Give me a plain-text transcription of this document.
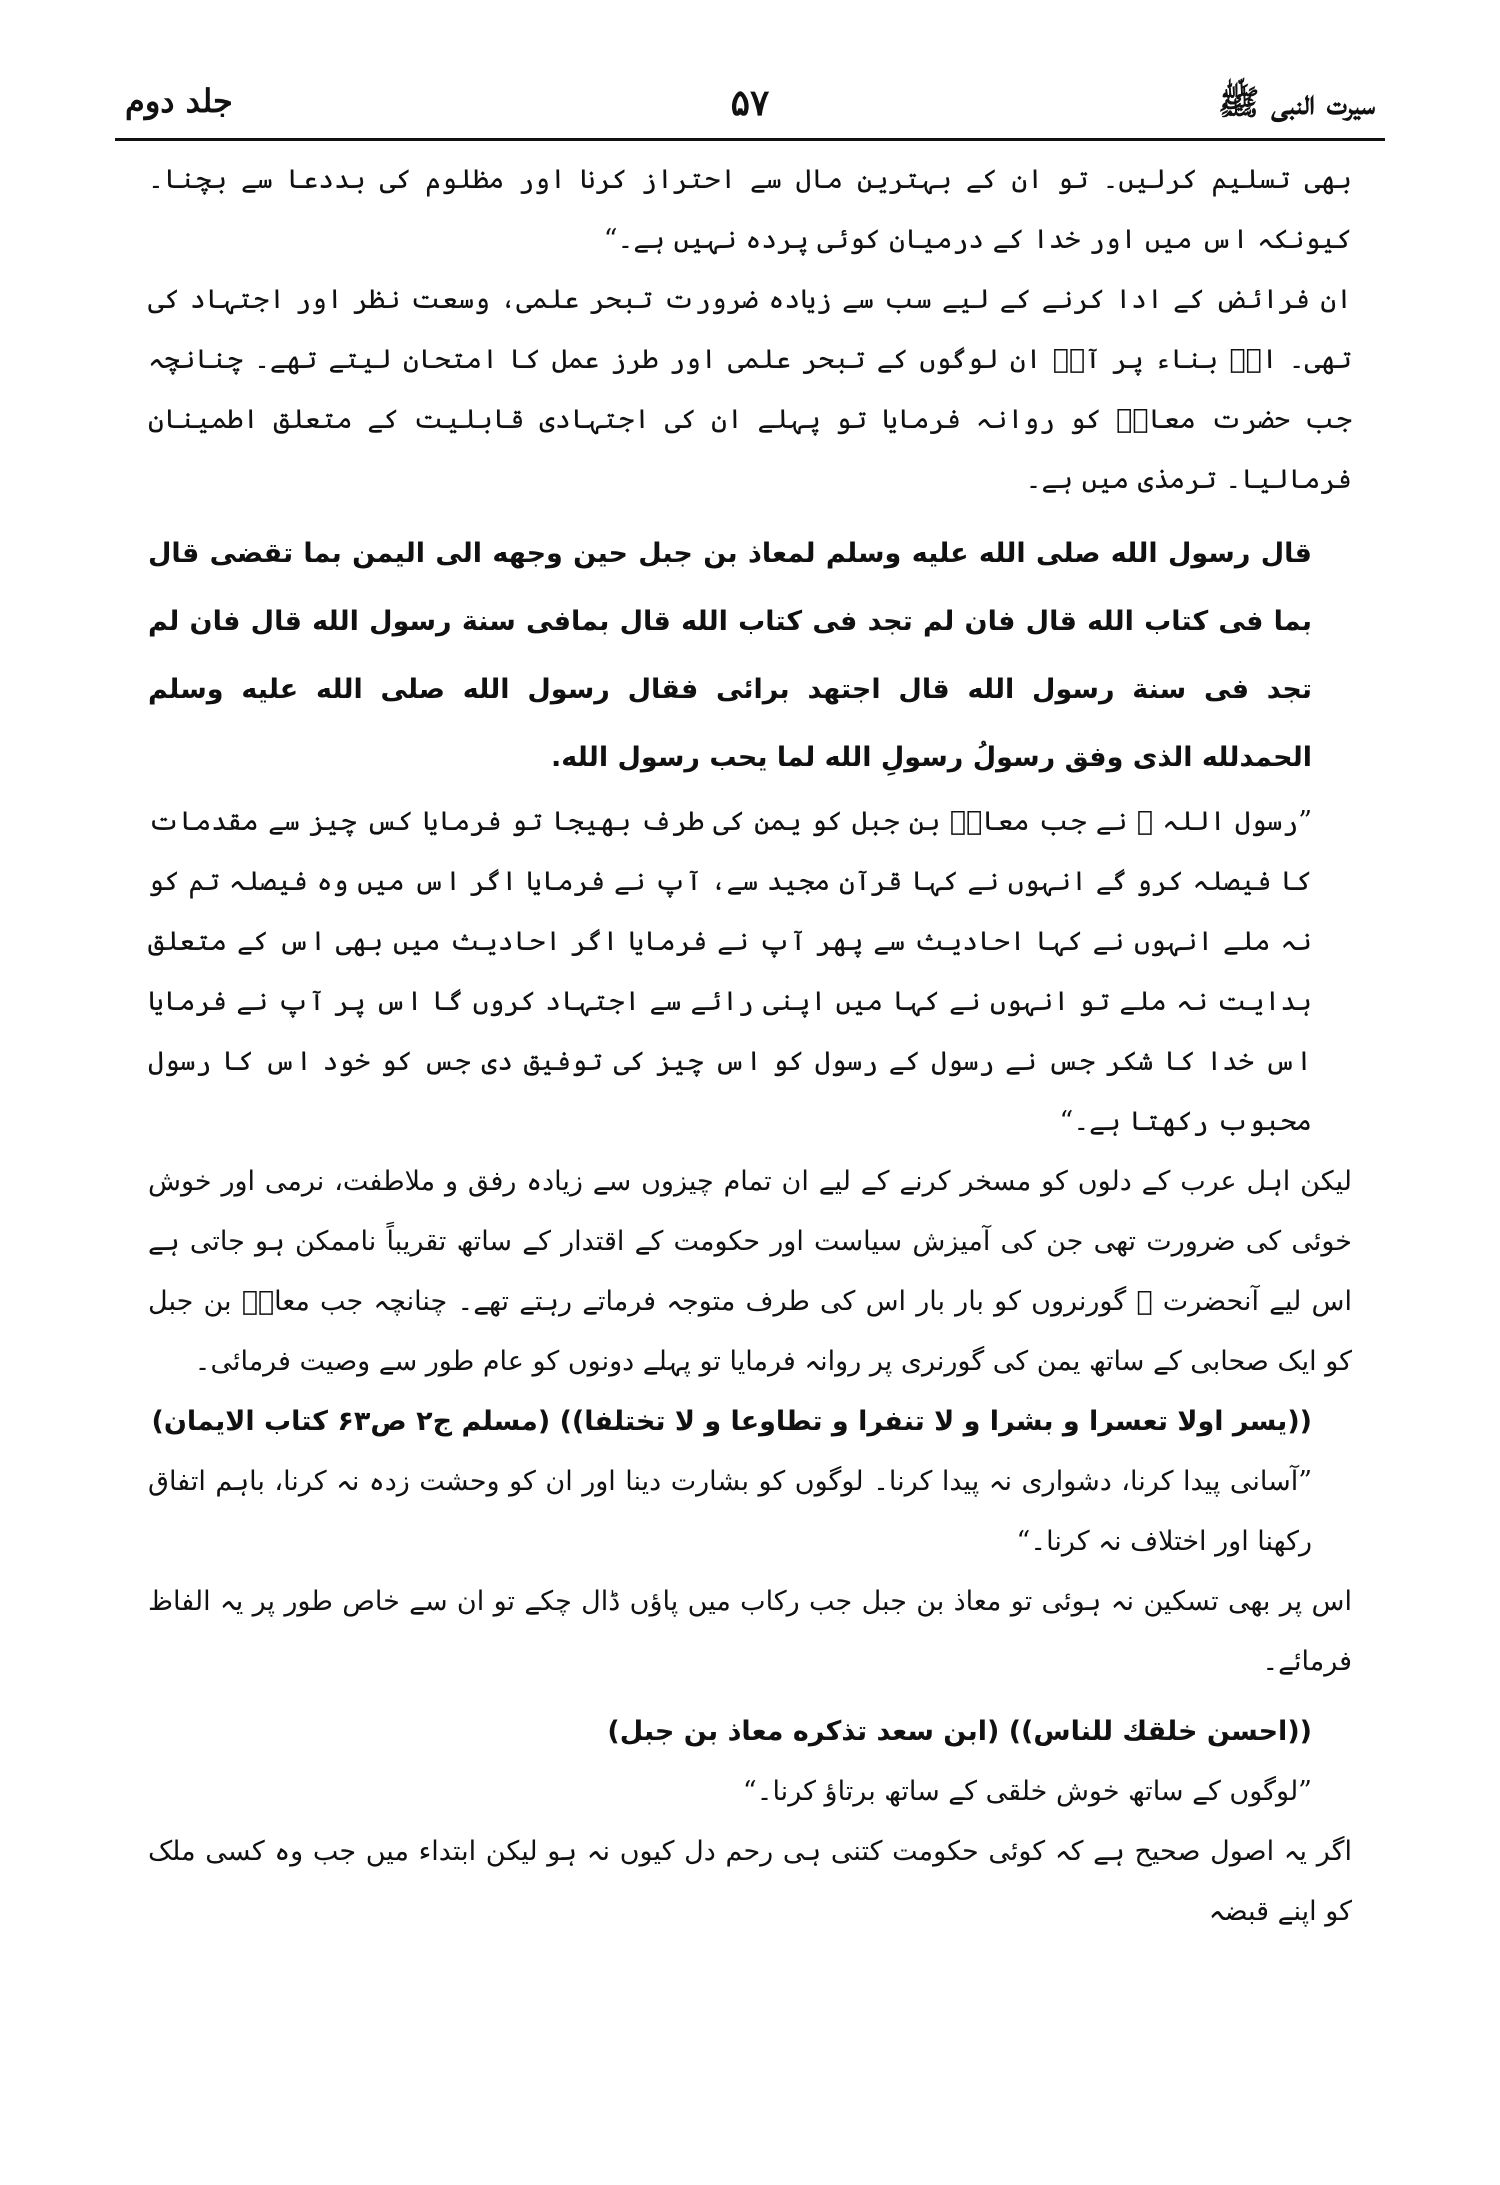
سیرت النبی ﷺ
۵۷
جلد دوم

بھی تسلیم کرلیں۔ تو ان کے بہترین مال سے احتراز کرنا اور مظلوم کی بددعا سے بچنا۔ کیونکہ اس میں اور خدا کے درمیان کوئی پردہ نہیں ہے۔“

ان فرائض کے ادا کرنے کے لیے سب سے زیادہ ضرورت تبحر علمی، وسعت نظر اور اجتہاد کی تھی۔ اسؐ بناء پر آپؐ ان لوگوں کے تبحر علمی اور طرز عمل کا امتحان لیتے تھے۔ چنانچہ جب حضرت معاذؓ کو روانہ فرمایا تو پہلے ان کی اجتہادی قابلیت کے متعلق اطمینان فرمالیا۔ ترمذی میں ہے۔

قال رسول الله صلى الله عليه وسلم لمعاذ بن جبل حين وجهه الى اليمن بما تقضى قال بما فى كتاب الله قال فان لم تجد فى كتاب الله قال بمافى سنة رسول الله قال فان لم تجد فى سنة رسول الله قال اجتهد برائى فقال رسول الله صلى الله عليه وسلم الحمدلله الذى وفق رسولُ رسولِ الله لما يحب رسول الله.

”رسول اللہ ﷺ نے جب معاذؓ بن جبل کو یمن کی طرف بھیجا تو فرمایا کس چیز سے مقدمات کا فیصلہ کرو گے انہوں نے کہا قرآن مجید سے، آپ نے فرمایا اگر اس میں وہ فیصلہ تم کو نہ ملے انہوں نے کہا احادیث سے پھر آپ نے فرمایا اگر احادیث میں بھی اس کے متعلق ہدایت نہ ملے تو انہوں نے کہا میں اپنی رائے سے اجتہاد کروں گا اس پر آپ نے فرمایا اس خدا کا شکر جس نے رسول کے رسول کو اس چیز کی توفیق دی جس کو خود اس کا رسول محبوب رکھتا ہے۔“

لیکن اہل عرب کے دلوں کو مسخر کرنے کے لیے ان تمام چیزوں سے زیادہ رفق و ملاطفت، نرمی اور خوش خوئی کی ضرورت تھی جن کی آمیزش سیاست اور حکومت کے اقتدار کے ساتھ تقریباً ناممکن ہو جاتی ہے اس لیے آنحضرت ﷺ گورنروں کو بار بار اس کی طرف متوجہ فرماتے رہتے تھے۔ چنانچہ جب معاذؓ بن جبل کو ایک صحابی کے ساتھ یمن کی گورنری پر روانہ فرمایا تو پہلے دونوں کو عام طور سے وصیت فرمائی۔

((يسر اولا تعسرا و بشرا و لا تنفرا و تطاوعا و لا تختلفا)) (مسلم ج۲ ص۶۳ کتاب الایمان)

”آسانی پیدا کرنا، دشواری نہ پیدا کرنا۔ لوگوں کو بشارت دینا اور ان کو وحشت زدہ نہ کرنا، باہم اتفاق رکھنا اور اختلاف نہ کرنا۔“

اس پر بھی تسکین نہ ہوئی تو معاذ بن جبل جب رکاب میں پاؤں ڈال چکے تو ان سے خاص طور پر یہ الفاظ فرمائے۔

((احسن خلقك للناس)) (ابن سعد تذكره معاذ بن جبل)

”لوگوں کے ساتھ خوش خلقی کے ساتھ برتاؤ کرنا۔“

اگر یہ اصول صحیح ہے کہ کوئی حکومت کتنی ہی رحم دل کیوں نہ ہو لیکن ابتداء میں جب وہ کسی ملک کو اپنے قبضہ
